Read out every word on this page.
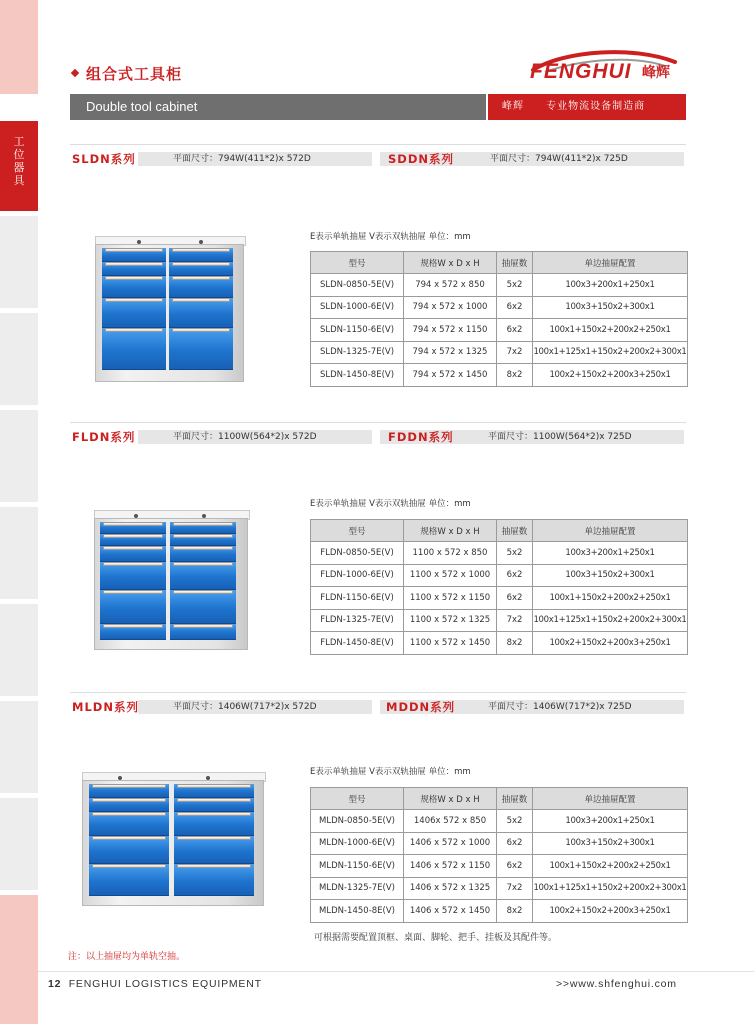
工位器具
组合式工具柜	FENGHUI 峰辉
Double tool cabinet	峰辉 专业物流设备制造商
SLDN系列	平面尺寸：794W(411*2)x 572D	SDDN系列	平面尺寸：794W(411*2)x 725D
E表示单轨抽屉 V表示双轨抽屉 单位：mm
型号	规格W x D x H	抽屉数	单边抽屉配置
SLDN-0850-5E(V)	794 x 572 x 850	5x2	100x3+200x1+250x1
SLDN-1000-6E(V)	794 x 572 x 1000	6x2	100x3+150x2+300x1
SLDN-1150-6E(V)	794 x 572 x 1150	6x2	100x1+150x2+200x2+250x1
SLDN-1325-7E(V)	794 x 572 x 1325	7x2	100x1+125x1+150x2+200x2+300x1
SLDN-1450-8E(V)	794 x 572 x 1450	8x2	100x2+150x2+200x3+250x1
FLDN系列	平面尺寸：1100W(564*2)x 572D	FDDN系列	平面尺寸：1100W(564*2)x 725D
E表示单轨抽屉 V表示双轨抽屉 单位：mm
型号	规格W x D x H	抽屉数	单边抽屉配置
FLDN-0850-5E(V)	1100 x 572 x 850	5x2	100x3+200x1+250x1
FLDN-1000-6E(V)	1100 x 572 x 1000	6x2	100x3+150x2+300x1
FLDN-1150-6E(V)	1100 x 572 x 1150	6x2	100x1+150x2+200x2+250x1
FLDN-1325-7E(V)	1100 x 572 x 1325	7x2	100x1+125x1+150x2+200x2+300x1
FLDN-1450-8E(V)	1100 x 572 x 1450	8x2	100x2+150x2+200x3+250x1
MLDN系列	平面尺寸：1406W(717*2)x 572D	MDDN系列	平面尺寸：1406W(717*2)x 725D
E表示单轨抽屉 V表示双轨抽屉 单位：mm
型号	规格W x D x H	抽屉数	单边抽屉配置
MLDN-0850-5E(V)	1406x 572 x 850	5x2	100x3+200x1+250x1
MLDN-1000-6E(V)	1406 x 572 x 1000	6x2	100x3+150x2+300x1
MLDN-1150-6E(V)	1406 x 572 x 1150	6x2	100x1+150x2+200x2+250x1
MLDN-1325-7E(V)	1406 x 572 x 1325	7x2	100x1+125x1+150x2+200x2+300x1
MLDN-1450-8E(V)	1406 x 572 x 1450	8x2	100x2+150x2+200x3+250x1
可根据需要配置顶框、桌面、脚轮、把手、挂板及其配件等。
注：以上抽屉均为单轨空抽。
12 FENGHUI LOGISTICS EQUIPMENT	>>www.shfenghui.com
